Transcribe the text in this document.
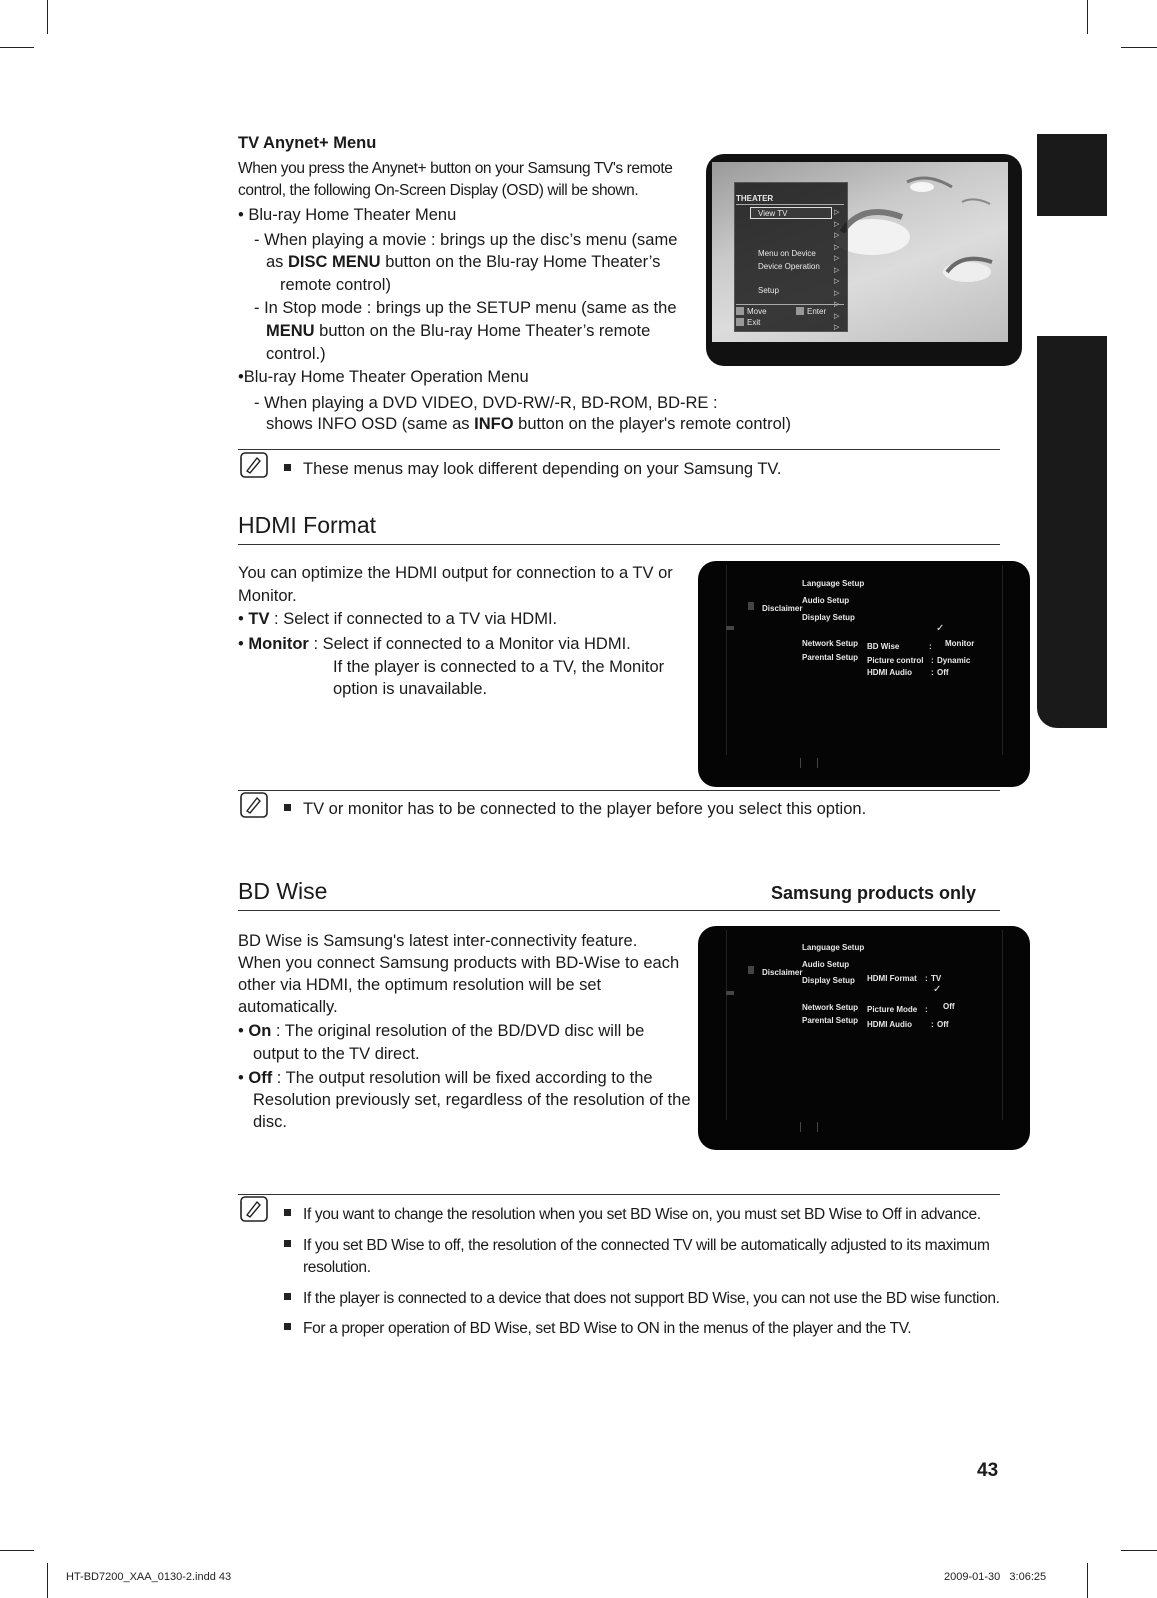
TV Anynet+ Menu
When you press the Anynet+ button on your Samsung TV's remote
control, the following On-Screen Display (OSD) will be shown.
• Blu-ray Home Theater Menu
- When playing a movie : brings up the disc’s menu (same
as DISC MENU button on the Blu-ray Home Theater’s
remote control)
- In Stop mode : brings up the SETUP menu (same as the
MENU button on the Blu-ray Home Theater’s remote
control.)
•Blu-ray Home Theater Operation Menu
- When playing a DVD VIDEO, DVD-RW/-R, BD-ROM, BD-RE :
shows INFO OSD (same as INFO button on the player's remote control)
THEATER
View TV
Menu on Device
Device Operation
Setup
▷
▷
▷
▷
▷
▷
▷
▷

▷
▷
Move	Enter
Exit
These menus may look different depending on your Samsung TV.
HDMI Format
You can optimize the HDMI output for connection to a TV or
Monitor.
• TV : Select if connected to a TV via HDMI.
• Monitor : Select if connected to a Monitor via HDMI.
If the player is connected to a TV, the Monitor
option is unavailable.
Disclaimer
Language Setup
Audio Setup
Display Setup
Network Setup
Parental Setup
✓
BD Wise	: Monitor
Picture control : Dynamic
HDMI Audio : Off
TV or monitor has to be connected to the player before you select this option.
BD Wise	Samsung products only
BD Wise is Samsung's latest inter-connectivity feature.
When you connect Samsung products with BD-Wise to each
other via HDMI, the optimum resolution will be set
automatically.
• On : The original resolution of the BD/DVD disc will be
output to the TV direct.
• Off : The output resolution will be fixed according to the
Resolution previously set, regardless of the resolution of the
disc.
Disclaimer
Language Setup
Audio Setup
Display Setup
Network Setup
Parental Setup
HDMI Format : TV
✓
Picture Mode : Off
HDMI Audio : Off
If you want to change the resolution when you set BD Wise on, you must set BD Wise to Off in advance.
If you set BD Wise to off, the resolution of the connected TV will be automatically adjusted to its maximum
resolution.
If the player is connected to a device that does not support BD Wise, you can not use the BD wise function.
For a proper operation of BD Wise, set BD Wise to ON in the menus of the player and the TV.
43
HT-BD7200_XAA_0130-2.indd 43	2009-01-30   3:06:25
